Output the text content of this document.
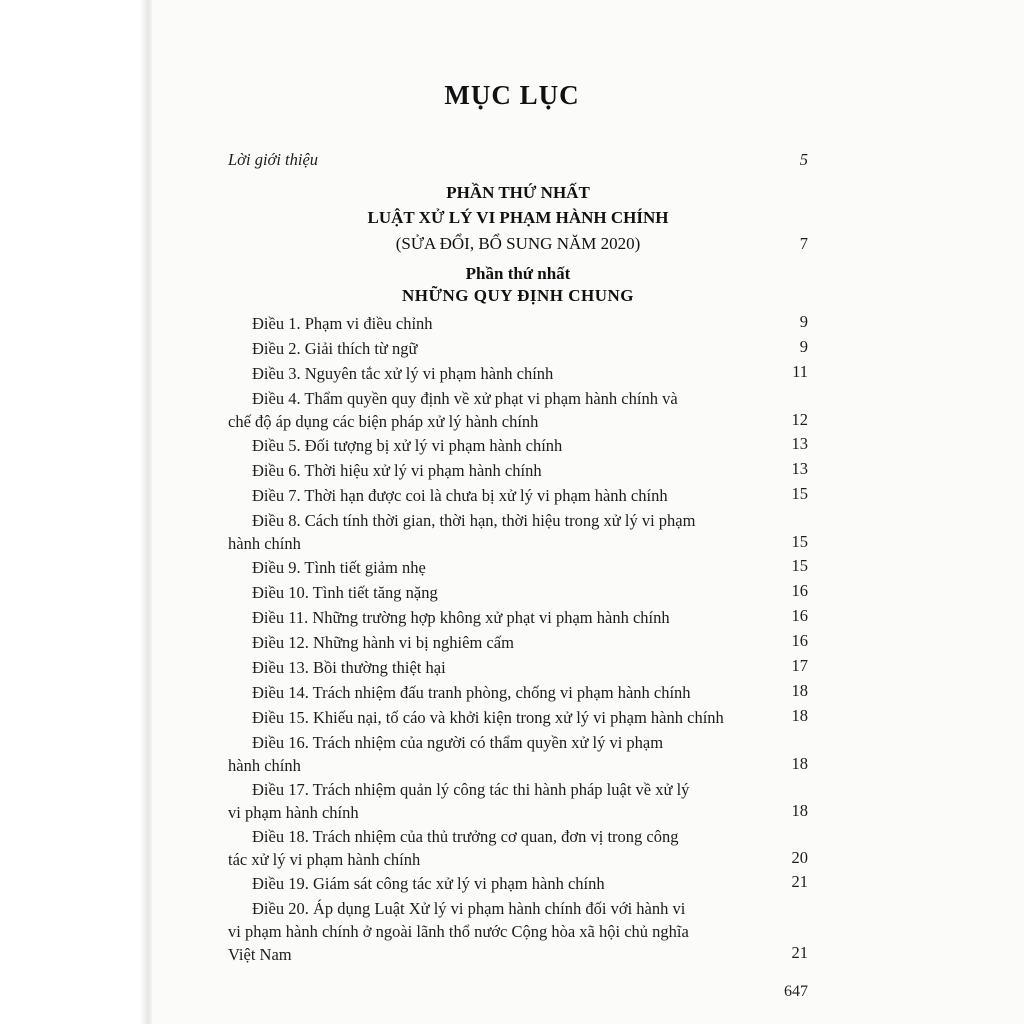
MỤC LỤC
Lời giới thiệu	5
PHẦN THỨ NHẤT
LUẬT XỬ LÝ VI PHẠM HÀNH CHÍNH
(SỬA ĐỔI, BỔ SUNG NĂM 2020)	7
Phần thứ nhất
NHỮNG QUY ĐỊNH CHUNG
Điều 1. Phạm vi điều chỉnh	9
Điều 2. Giải thích từ ngữ	9
Điều 3. Nguyên tắc xử lý vi phạm hành chính	11
Điều 4. Thẩm quyền quy định về xử phạt vi phạm hành chính và
chế độ áp dụng các biện pháp xử lý hành chính	12
Điều 5. Đối tượng bị xử lý vi phạm hành chính	13
Điều 6. Thời hiệu xử lý vi phạm hành chính	13
Điều 7. Thời hạn được coi là chưa bị xử lý vi phạm hành chính	15
Điều 8. Cách tính thời gian, thời hạn, thời hiệu trong xử lý vi phạm
hành chính	15
Điều 9. Tình tiết giảm nhẹ	15
Điều 10. Tình tiết tăng nặng	16
Điều 11. Những trường hợp không xử phạt vi phạm hành chính	16
Điều 12. Những hành vi bị nghiêm cấm	16
Điều 13. Bồi thường thiệt hại	17
Điều 14. Trách nhiệm đấu tranh phòng, chống vi phạm hành chính	18
Điều 15. Khiếu nại, tố cáo và khởi kiện trong xử lý vi phạm hành chính	18
Điều 16. Trách nhiệm của người có thẩm quyền xử lý vi phạm
hành chính	18
Điều 17. Trách nhiệm quản lý công tác thi hành pháp luật về xử lý
vi phạm hành chính	18
Điều 18. Trách nhiệm của thủ trưởng cơ quan, đơn vị trong công
tác xử lý vi phạm hành chính	20
Điều 19. Giám sát công tác xử lý vi phạm hành chính	21
Điều 20. Áp dụng Luật Xử lý vi phạm hành chính đối với hành vi
vi phạm hành chính ở ngoài lãnh thổ nước Cộng hòa xã hội chủ nghĩa
Việt Nam	21
647
